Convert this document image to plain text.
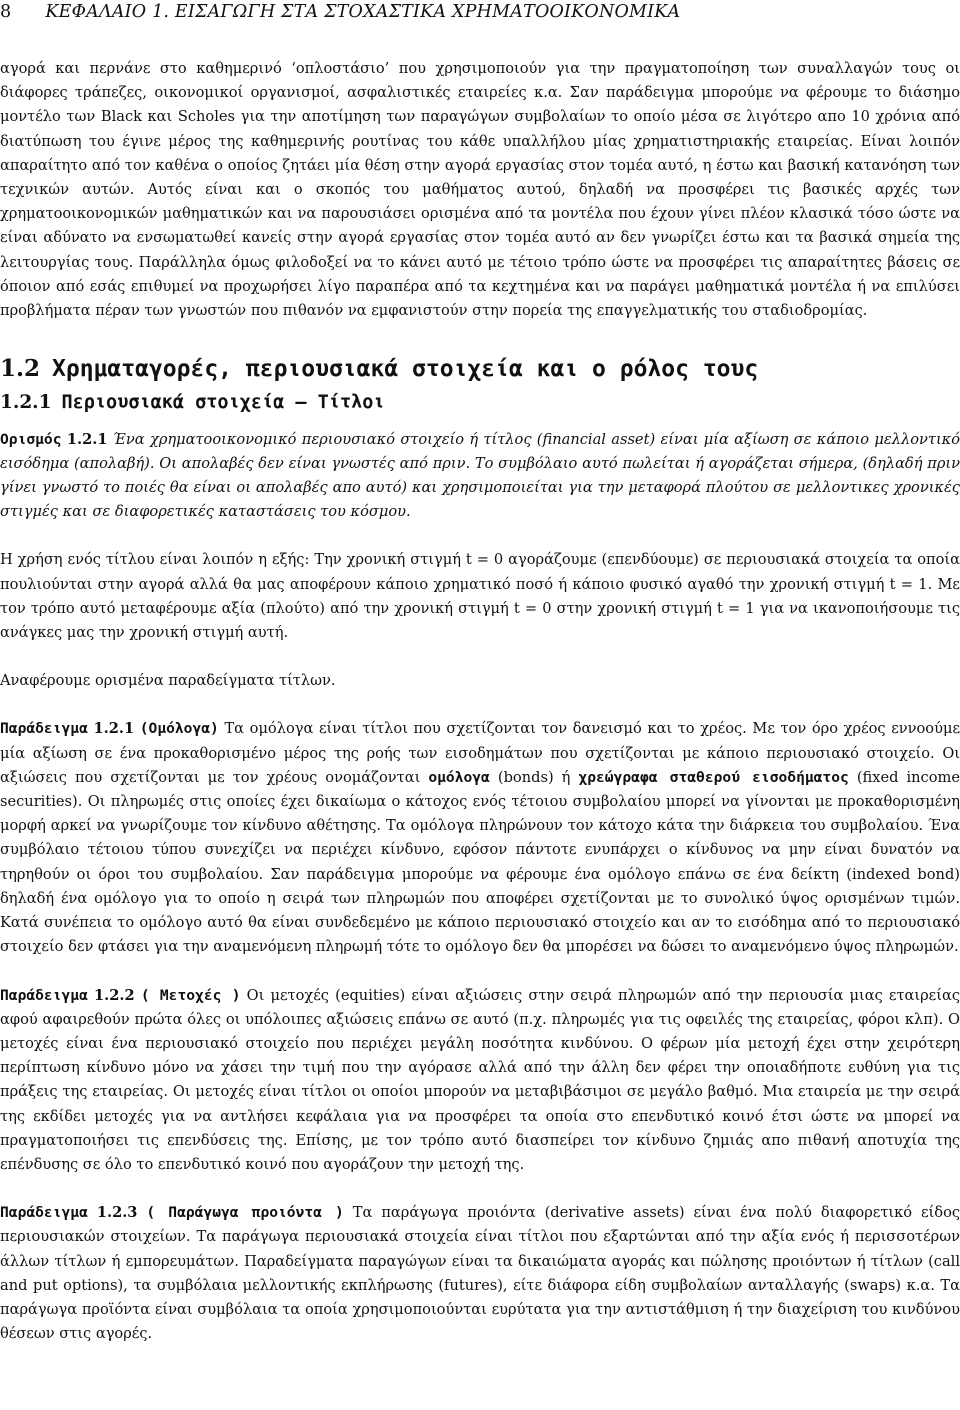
8 ΚΕΦΑΛΑΙΟ 1. ΕΙΣΑΓΩΓΗ ΣΤΑ ΣΤΟΧΑΣΤΙΚΑ ΧΡΗΜΑΤΟΟΙΚΟΝΟΜΙΚΑ

αγορά και περνάνε στο καθημερινό ‘οπλοστάσιο’ που χρησιμοποιούν για την πραγματοποίηση των συναλλαγών τους οι διάφορες τράπεζες, οικονομικοί οργανισμοί, ασφαλιστικές εταιρείες κ.α. Σαν παράδειγμα μπορούμε να φέρουμε το διάσημο μοντέλο των Black και Scholes για την αποτίμηση των παραγώγων συμβολαίων το οποίο μέσα σε λιγότερο απο 10 χρόνια από διατύπωση του έγινε μέρος της καθημερινής ρουτίνας του κάθε υπαλλήλου μίας χρηματιστηριακής εταιρείας. Είναι λοιπόν απαραίτητο από τον καθένα ο οποίος ζητάει μία θέση στην αγορά εργασίας στον τομέα αυτό, η έστω και βασική κατανόηση των τεχνικών αυτών. Αυτός είναι και ο σκοπός του μαθήματος αυτού, δηλαδή να προσφέρει τις βασικές αρχές των χρηματοοικονομικών μαθηματικών και να παρουσιάσει ορισμένα από τα μοντέλα που έχουν γίνει πλέον κλασικά τόσο ώστε να είναι αδύνατο να ενσωματωθεί κανείς στην αγορά εργασίας στον τομέα αυτό αν δεν γνωρίζει έστω και τα βασικά σημεία της λειτουργίας τους. Παράλληλα όμως φιλοδοξεί να το κάνει αυτό με τέτοιο τρόπο ώστε να προσφέρει τις απαραίτητες βάσεις σε όποιον από εσάς επιθυμεί να προχωρήσει λίγο παραπέρα από τα κεχτημένα και να παράγει μαθηματικά μοντέλα ή να επιλύσει προβλήματα πέραν των γνωστών που πιθανόν να εμφανιστούν στην πορεία της επαγγελματικής του σταδιοδρομίας.

1.2 Χρηματαγορές, περιουσιακά στοιχεία και ο ρόλος τους
1.2.1 Περιουσιακά στοιχεία – Τίτλοι

Ορισμός 1.2.1 Ένα χρηματοοικονομικό περιουσιακό στοιχείο ή τίτλος (financial asset) είναι μία αξίωση σε κάποιο μελλοντικό εισόδημα (απολαβή). Οι απολαβές δεν είναι γνωστές από πριν. Το συμβόλαιο αυτό πωλείται ή αγοράζεται σήμερα, (δηλαδή πριν γίνει γνωστό το ποιές θα είναι οι απολαβές απο αυτό) και χρησιμοποιείται για την μεταφορά πλούτου σε μελλοντικες χρονικές στιγμές και σε διαφορετικές καταστάσεις του κόσμου.

Η χρήση ενός τίτλου είναι λοιπόν η εξής: Την χρονική στιγμή t = 0 αγοράζουμε (επενδύουμε) σε περιουσιακά στοιχεία τα οποία πουλιούνται στην αγορά αλλά θα μας αποφέρουν κάποιο χρηματικό ποσό ή κάποιο φυσικό αγαθό την χρονική στιγμή t = 1. Με τον τρόπο αυτό μεταφέρουμε αξία (πλούτο) από την χρονική στιγμή t = 0 στην χρονική στιγμή t = 1 για να ικανοποιήσουμε τις ανάγκες μας την χρονική στιγμή αυτή.

Αναφέρουμε ορισμένα παραδείγματα τίτλων.

Παράδειγμα 1.2.1 (Ομόλογα) Τα ομόλογα είναι τίτλοι που σχετίζονται τον δανεισμό και το χρέος. Με τον όρο χρέος εννοούμε μία αξίωση σε ένα προκαθορισμένο μέρος της ροής των εισοδημάτων που σχετίζονται με κάποιο περιουσιακό στοιχείο. Οι αξιώσεις που σχετίζονται με τον χρέους ονομάζονται ομόλογα (bonds) ή χρεώγραφα σταθερού εισοδήματος (fixed income securities). Οι πληρωμές στις οποίες έχει δικαίωμα ο κάτοχος ενός τέτοιου συμβολαίου μπορεί να γίνονται με προκαθορισμένη μορφή αρκεί να γνωρίζουμε τον κίνδυνο αθέτησης. Τα ομόλογα πληρώνουν τον κάτοχο κάτα την διάρκεια του συμβολαίου. Ένα συμβόλαιο τέτοιου τύπου συνεχίζει να περιέχει κίνδυνο, εφόσον πάντοτε ενυπάρχει ο κίνδυνος να μην είναι δυνατόν να τηρηθούν οι όροι του συμβολαίου. Σαν παράδειγμα μπορούμε να φέρουμε ένα ομόλογο επάνω σε ένα δείκτη (indexed bond) δηλαδή ένα ομόλογο για το οποίο η σειρά των πληρωμών που αποφέρει σχετίζονται με το συνολικό ύψος ορισμένων τιμών. Κατά συνέπεια το ομόλογο αυτό θα είναι συνδεδεμένο με κάποιο περιουσιακό στοιχείο και αν το εισόδημα από το περιουσιακό στοιχείο δεν φτάσει για την αναμενόμενη πληρωμή τότε το ομόλογο δεν θα μπορέσει να δώσει το αναμενόμενο ύψος πληρωμών.

Παράδειγμα 1.2.2 ( Μετοχές ) Οι μετοχές (equities) είναι αξιώσεις στην σειρά πληρωμών από την περιουσία μιας εταιρείας αφού αφαιρεθούν πρώτα όλες οι υπόλοιπες αξιώσεις επάνω σε αυτό (π.χ. πληρωμές για τις οφειλές της εταιρείας, φόροι κλπ). Ο μετοχές είναι ένα περιουσιακό στοιχείο που περιέχει μεγάλη ποσότητα κινδύνου. Ο φέρων μία μετοχή έχει στην χειρότερη περίπτωση κίνδυνο μόνο να χάσει την τιμή που την αγόρασε αλλά από την άλλη δεν φέρει την οποιαδήποτε ευθύνη για τις πράξεις της εταιρείας. Οι μετοχές είναι τίτλοι οι οποίοι μπορούν να μεταβιβάσιμοι σε μεγάλο βαθμό. Μια εταιρεία με την σειρά της εκδίδει μετοχές για να αντλήσει κεφάλαια για να προσφέρει τα οποία στο επενδυτικό κοινό έτσι ώστε να μπορεί να πραγματοποιήσει τις επενδύσεις της. Επίσης, με τον τρόπο αυτό διασπείρει τον κίνδυνο ζημιάς απο πιθανή αποτυχία της επένδυσης σε όλο το επενδυτικό κοινό που αγοράζουν την μετοχή της.

Παράδειγμα 1.2.3 ( Παράγωγα προιόντα ) Τα παράγωγα προιόντα (derivative assets) είναι ένα πολύ διαφορετικό είδος περιουσιακών στοιχείων. Τα παράγωγα περιουσιακά στοιχεία είναι τίτλοι που εξαρτώνται από την αξία ενός ή περισσοτέρων άλλων τίτλων ή εμπορευμάτων. Παραδείγματα παραγώγων είναι τα δικαιώματα αγοράς και πώλησης προιόντων ή τίτλων (call and put options), τα συμβόλαια μελλοντικής εκπλήρωσης (futures), είτε διάφορα είδη συμβολαίων ανταλλαγής (swaps) κ.α. Τα παράγωγα προϊόντα είναι συμβόλαια τα οποία χρησιμοποιούνται ευρύτατα για την αντιστάθμιση ή την διαχείριση του κινδύνου θέσεων στις αγορές.
